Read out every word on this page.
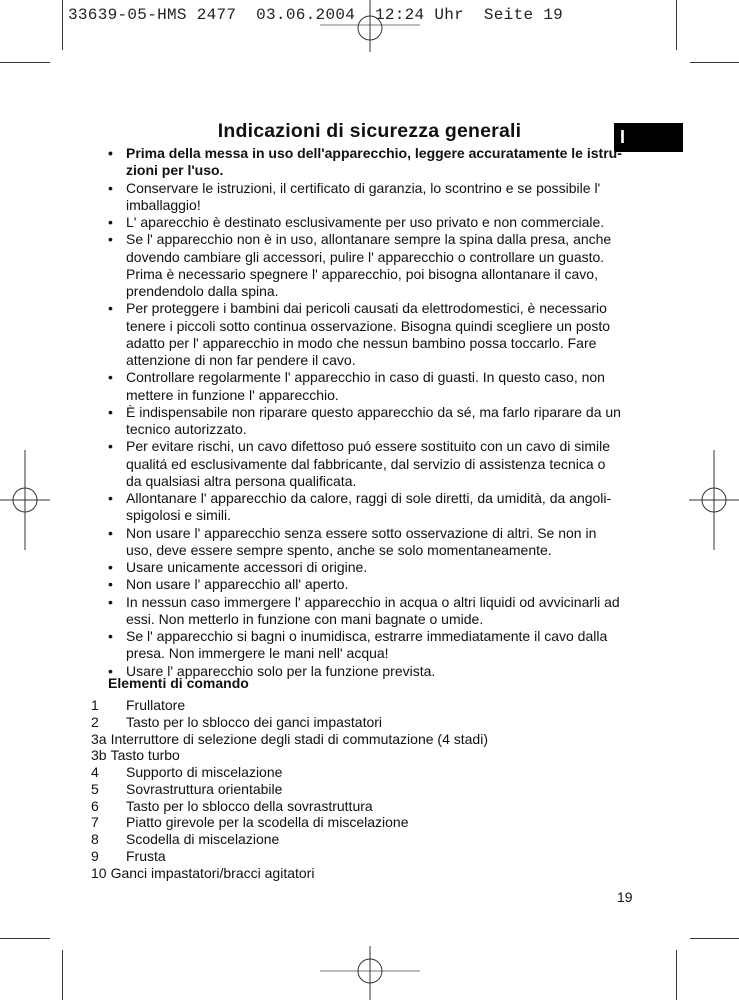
33639-05-HMS 2477  03.06.2004  12:24 Uhr  Seite 19
Indicazioni di sicurezza generali	I
• Prima della messa in uso dell'apparecchio, leggere accuratamente le istru-
zioni per l'uso.
• Conservare le istruzioni, il certificato di garanzia, lo scontrino e se possibile l'
imballaggio!
• L' aparecchio è destinato esclusivamente per uso privato e non commerciale.
• Se l' apparecchio non è in uso, allontanare sempre la spina dalla presa, anche
dovendo cambiare gli accessori, pulire l' apparecchio o controllare un guasto.
Prima è necessario spegnere l' apparecchio, poi bisogna allontanare il cavo,
prendendolo dalla spina.
• Per proteggere i bambini dai pericoli causati da elettrodomestici, è necessario
tenere i piccoli sotto continua osservazione. Bisogna quindi scegliere un posto
adatto per l' apparecchio in modo che nessun bambino possa toccarlo. Fare
attenzione di non far pendere il cavo.
• Controllare regolarmente l' apparecchio in caso di guasti. In questo caso, non
mettere in funzione l' apparecchio.
• È indispensabile non riparare questo apparecchio da sé, ma farlo riparare da un
tecnico autorizzato.
• Per evitare rischi, un cavo difettoso puó essere sostituito con un cavo di simile
qualitá ed esclusivamente dal fabbricante, dal servizio di assistenza tecnica o
da qualsiasi altra persona qualificata.
• Allontanare l' apparecchio da calore, raggi di sole diretti, da umidità, da angoli-
spigolosi e simili.
• Non usare l' apparecchio senza essere sotto osservazione di altri. Se non in
uso, deve essere sempre spento, anche se solo momentaneamente.
• Usare unicamente accessori di origine.
• Non usare l' apparecchio all' aperto.
• In nessun caso immergere l' apparecchio in acqua o altri liquidi od avvicinarli ad
essi. Non metterlo in funzione con mani bagnate o umide.
• Se l' apparecchio si bagni o inumidisca, estrarre immediatamente il cavo dalla
presa. Non immergere le mani nell' acqua!
• Usare l' apparecchio solo per la funzione prevista.
Elementi di comando
1 Frullatore
2 Tasto per lo sblocco dei ganci impastatori
3a Interruttore di selezione degli stadi di commutazione (4 stadi)
3b Tasto turbo
4 Supporto di miscelazione
5 Sovrastruttura orientabile
6 Tasto per lo sblocco della sovrastruttura
7 Piatto girevole per la scodella di miscelazione
8 Scodella di miscelazione
9 Frusta
10 Ganci impastatori/bracci agitatori
19
